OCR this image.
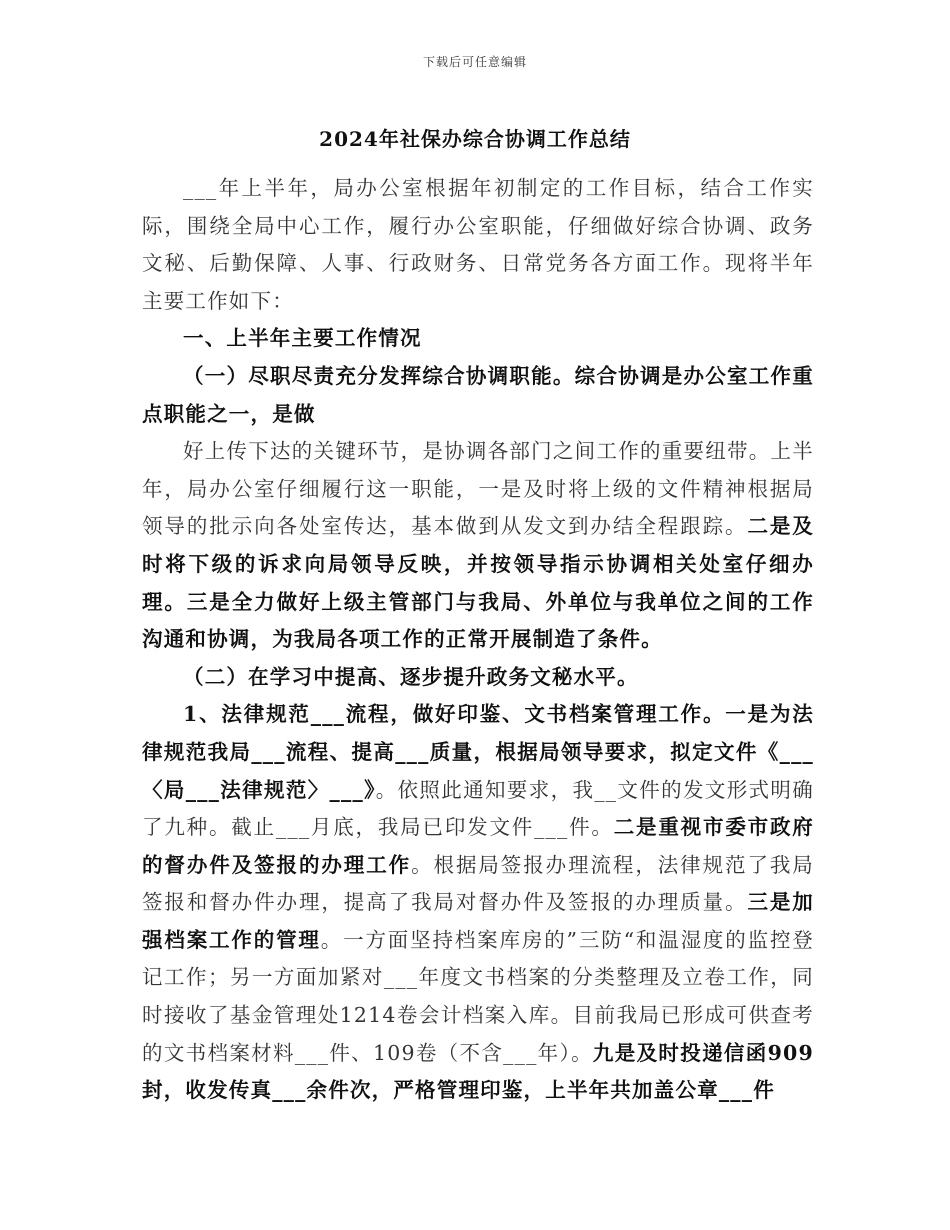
下载后可任意编辑
2024年社保办综合协调工作总结

___年上半年，局办公室根据年初制定的工作目标，结合工作实际，围绕全局中心工作，履行办公室职能，仔细做好综合协调、政务文秘、后勤保障、人事、行政财务、日常党务各方面工作。现将半年主要工作如下：

一、上半年主要工作情况

（一）尽职尽责充分发挥综合协调职能。综合协调是办公室工作重点职能之一，是做

好上传下达的关键环节，是协调各部门之间工作的重要纽带。上半年，局办公室仔细履行这一职能，一是及时将上级的文件精神根据局领导的批示向各处室传达，基本做到从发文到办结全程跟踪。二是及时将下级的诉求向局领导反映，并按领导指示协调相关处室仔细办理。三是全力做好上级主管部门与我局、外单位与我单位之间的工作沟通和协调，为我局各项工作的正常开展制造了条件。

（二）在学习中提高、逐步提升政务文秘水平。

1、法律规范___流程，做好印鉴、文书档案管理工作。一是为法律规范我局___流程、提高___质量，根据局领导要求，拟定文件《___〈局___法律规范〉___》。依照此通知要求，我__文件的发文形式明确了九种。截止___月底，我局已印发文件___件。二是重视市委市政府的督办件及签报的办理工作。根据局签报办理流程，法律规范了我局签报和督办件办理，提高了我局对督办件及签报的办理质量。三是加强档案工作的管理。一方面坚持档案库房的”三防“和温湿度的监控登记工作；另一方面加紧对___年度文书档案的分类整理及立卷工作，同时接收了基金管理处1214卷会计档案入库。目前我局已形成可供查考的文书档案材料___件、109卷（不含___年）。九是及时投递信函909封，收发传真___余件次，严格管理印鉴，上半年共加盖公章___件
